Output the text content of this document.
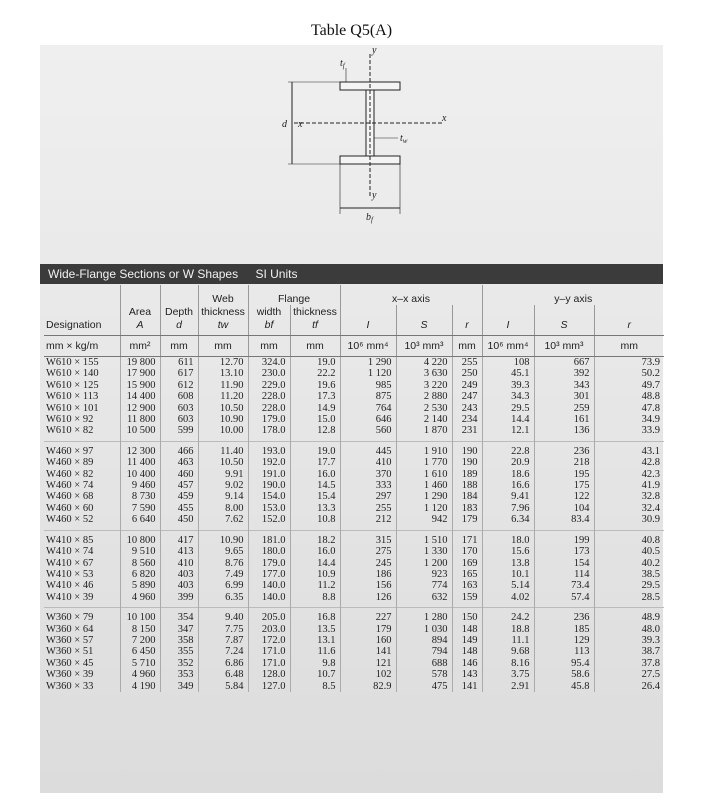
Table Q5(A)
$t_f$
y
x
d
x
$t_w$
y
$b_f$
Wide-Flange Sections or W Shapes SI Units
			Web	Flange		x–x axis			y–y axis		
	Area	Depth	thickness	width	thickness						
Designation	A	d	tw	bf	tf	I	S	r	I	S	r
mm × kg/m	mm²	mm	mm	mm	mm	10⁶ mm⁴	10³ mm³	mm	10⁶ mm⁴	10³ mm³	mm
W610 × 155	19 800	611	12.70	324.0	19.0	1 290	4 220	255	108	667	73.9
W610 × 140	17 900	617	13.10	230.0	22.2	1 120	3 630	250	45.1	392	50.2
W610 × 125	15 900	612	11.90	229.0	19.6	985	3 220	249	39.3	343	49.7
W610 × 113	14 400	608	11.20	228.0	17.3	875	2 880	247	34.3	301	48.8
W610 × 101	12 900	603	10.50	228.0	14.9	764	2 530	243	29.5	259	47.8
W610 × 92	11 800	603	10.90	179.0	15.0	646	2 140	234	14.4	161	34.9
W610 × 82	10 500	599	10.00	178.0	12.8	560	1 870	231	12.1	136	33.9
W460 × 97	12 300	466	11.40	193.0	19.0	445	1 910	190	22.8	236	43.1
W460 × 89	11 400	463	10.50	192.0	17.7	410	1 770	190	20.9	218	42.8
W460 × 82	10 400	460	9.91	191.0	16.0	370	1 610	189	18.6	195	42.3
W460 × 74	9 460	457	9.02	190.0	14.5	333	1 460	188	16.6	175	41.9
W460 × 68	8 730	459	9.14	154.0	15.4	297	1 290	184	9.41	122	32.8
W460 × 60	7 590	455	8.00	153.0	13.3	255	1 120	183	7.96	104	32.4
W460 × 52	6 640	450	7.62	152.0	10.8	212	942	179	6.34	83.4	30.9
W410 × 85	10 800	417	10.90	181.0	18.2	315	1 510	171	18.0	199	40.8
W410 × 74	9 510	413	9.65	180.0	16.0	275	1 330	170	15.6	173	40.5
W410 × 67	8 560	410	8.76	179.0	14.4	245	1 200	169	13.8	154	40.2
W410 × 53	6 820	403	7.49	177.0	10.9	186	923	165	10.1	114	38.5
W410 × 46	5 890	403	6.99	140.0	11.2	156	774	163	5.14	73.4	29.5
W410 × 39	4 960	399	6.35	140.0	8.8	126	632	159	4.02	57.4	28.5
W360 × 79	10 100	354	9.40	205.0	16.8	227	1 280	150	24.2	236	48.9
W360 × 64	8 150	347	7.75	203.0	13.5	179	1 030	148	18.8	185	48.0
W360 × 57	7 200	358	7.87	172.0	13.1	160	894	149	11.1	129	39.3
W360 × 51	6 450	355	7.24	171.0	11.6	141	794	148	9.68	113	38.7
W360 × 45	5 710	352	6.86	171.0	9.8	121	688	146	8.16	95.4	37.8
W360 × 39	4 960	353	6.48	128.0	10.7	102	578	143	3.75	58.6	27.5
W360 × 33	4 190	349	5.84	127.0	8.5	82.9	475	141	2.91	45.8	26.4
